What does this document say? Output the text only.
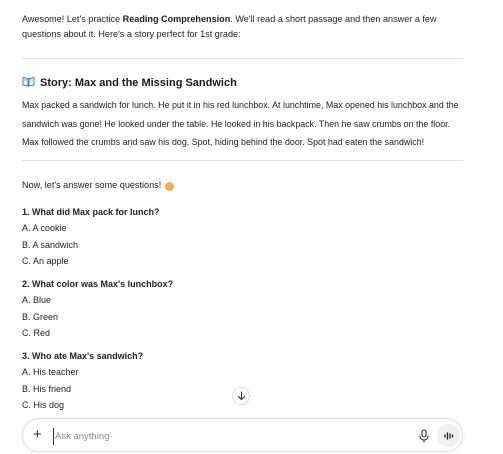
Awesome! Let's practice Reading Comprehension. We'll read a short passage and then answer a few questions about it. Here's a story perfect for 1st grade:

Story: Max and the Missing Sandwich

Max packed a sandwich for lunch. He put it in his red lunchbox. At lunchtime, Max opened his lunchbox and the sandwich was gone! He looked under the table. He looked in his backpack. Then he saw crumbs on the floor. Max followed the crumbs and saw his dog, Spot, hiding behind the door. Spot had eaten the sandwich!

Now, let's answer some questions!

1. What did Max pack for lunch?
A. A cookie
B. A sandwich
C. An apple
2. What color was Max's lunchbox?
A. Blue
B. Green
C. Red
3. Who ate Max's sandwich?
A. His teacher
B. His friend
C. His dog
+
Ask anything
